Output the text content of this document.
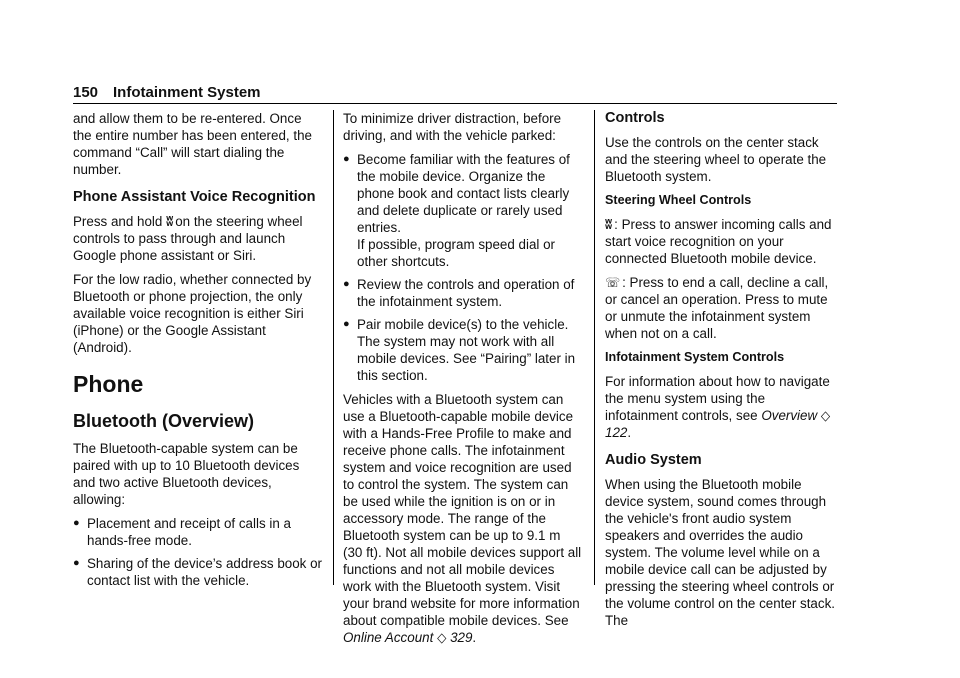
150 Infotainment System

and allow them to be re-entered. Once the entire number has been entered, the command “Call” will start dialing the number.

Phone Assistant Voice Recognition

Press and hold ʬ on the steering wheel controls to pass through and launch Google phone assistant or Siri.

For the low radio, whether connected by Bluetooth or phone projection, the only available voice recognition is either Siri (iPhone) or the Google Assistant (Android).

Phone
Bluetooth (Overview)

The Bluetooth-capable system can be paired with up to 10 Bluetooth devices and two active Bluetooth devices, allowing:

● Placement and receipt of calls in a hands-free mode.
● Sharing of the device’s address book or contact list with the vehicle.

To minimize driver distraction, before driving, and with the vehicle parked:

● Become familiar with the features of the mobile device. Organize the phone book and contact lists clearly and delete duplicate or rarely used entries.
If possible, program speed dial or other shortcuts.
● Review the controls and operation of the infotainment system.
● Pair mobile device(s) to the vehicle. The system may not work with all mobile devices. See “Pairing” later in this section.

Vehicles with a Bluetooth system can use a Bluetooth-capable mobile device with a Hands-Free Profile to make and receive phone calls. The infotainment system and voice recognition are used to control the system. The system can be used while the ignition is on or in accessory mode. The range of the Bluetooth system can be up to 9.1 m (30 ft). Not all mobile devices support all functions and not all mobile devices work with the Bluetooth system. Visit your brand website for more information about compatible mobile devices. See Online Account ◇ 329.

Controls

Use the controls on the center stack and the steering wheel to operate the Bluetooth system.

Steering Wheel Controls

ʬ : Press to answer incoming calls and start voice recognition on your connected Bluetooth mobile device.

☏ : Press to end a call, decline a call, or cancel an operation. Press to mute or unmute the infotainment system when not on a call.

Infotainment System Controls

For information about how to navigate the menu system using the infotainment controls, see Overview ◇ 122.

Audio System

When using the Bluetooth mobile device system, sound comes through the vehicle's front audio system speakers and overrides the audio system. The volume level while on a mobile device call can be adjusted by pressing the steering wheel controls or the volume control on the center stack. The
